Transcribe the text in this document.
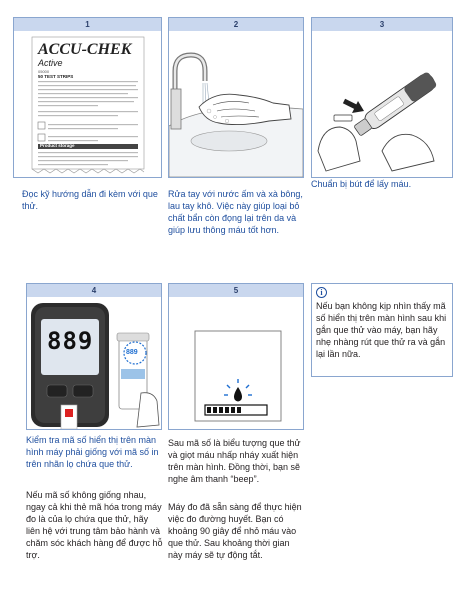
1
ACCU-CHEK
Active
05000
50 TEST STRIPS
Product storage
Đọc kỹ hướng dẫn đi kèm với que thử.
2
Rửa tay với nước ấm và xà bông, lau tay khô. Việc này giúp loại bỏ chất bẩn còn đọng lại trên da và giúp lưu thông máu tốt hơn.
3
Chuẩn bị bút để lấy máu.
4
889	889
Kiểm tra mã số hiển thị trên màn hình máy phải giống với mã số in trên nhãn lọ chứa que thử.
Nếu mã số không giống nhau, ngay cả khi thẻ mã hóa trong máy đo là của lọ chứa que thử, hãy liên hệ với trung tâm bảo hành và chăm sóc khách hàng để được hỗ trợ.
5
Sau mã số là biểu tượng que thử và giọt máu nhấp nháy xuất hiện trên màn hình. Đồng thời, bạn sẽ nghe âm thanh “beep”.
Máy đo đã sẵn sàng để thực hiện việc đo đường huyết. Bạn có khoảng 90 giây để nhỏ máu vào que thử. Sau khoảng thời gian này máy sẽ tự động tắt.
i
Nếu bạn không kịp nhìn thấy mã số hiển thị trên màn hình sau khi gắn que thử vào máy, bạn hãy nhẹ nhàng rút que thử ra và gắn lại lần nữa.
